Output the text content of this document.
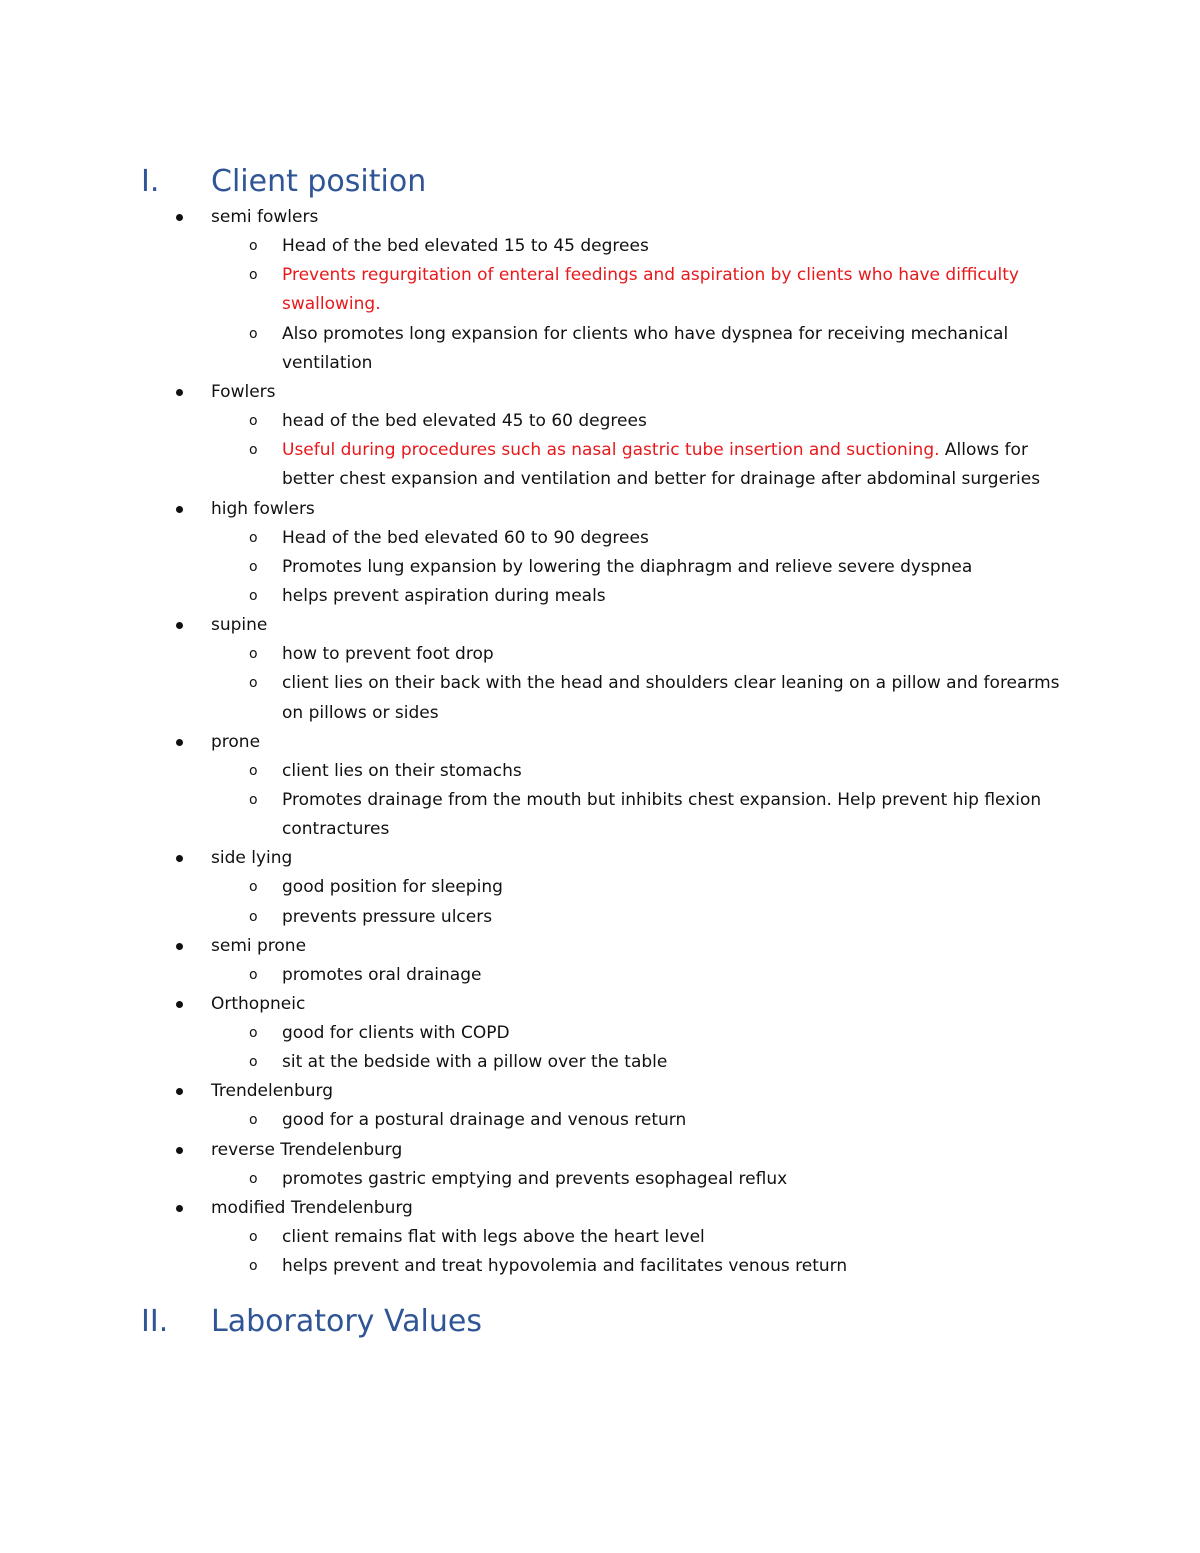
I. Client position
semi fowlers
o Head of the bed elevated 15 to 45 degrees
o Prevents regurgitation of enteral feedings and aspiration by clients who have difficulty swallowing.
o Also promotes long expansion for clients who have dyspnea for receiving mechanical ventilation
Fowlers
o head of the bed elevated 45 to 60 degrees
o Useful during procedures such as nasal gastric tube insertion and suctioning. Allows for better chest expansion and ventilation and better for drainage after abdominal surgeries
high fowlers
o Head of the bed elevated 60 to 90 degrees
o Promotes lung expansion by lowering the diaphragm and relieve severe dyspnea
o helps prevent aspiration during meals
supine
o how to prevent foot drop
o client lies on their back with the head and shoulders clear leaning on a pillow and forearms on pillows or sides
prone
o client lies on their stomachs
o Promotes drainage from the mouth but inhibits chest expansion. Help prevent hip flexion contractures
side lying
o good position for sleeping
o prevents pressure ulcers
semi prone
o promotes oral drainage
Orthopneic
o good for clients with COPD
o sit at the bedside with a pillow over the table
Trendelenburg
o good for a postural drainage and venous return
reverse Trendelenburg
o promotes gastric emptying and prevents esophageal reflux
modified Trendelenburg
o client remains flat with legs above the heart level
o helps prevent and treat hypovolemia and facilitates venous return
II. Laboratory Values
